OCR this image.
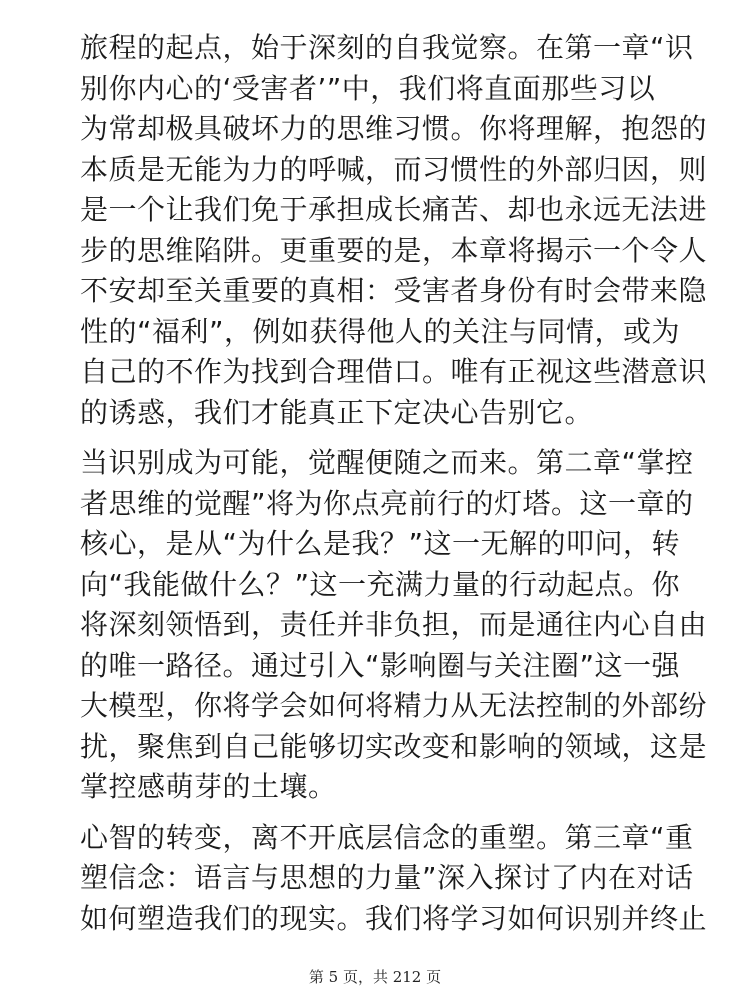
旅程的起点，始于深刻的自我觉察。在第一章“识
别你内心的‘受害者’”中，我们将直面那些习以
为常却极具破坏力的思维习惯。你将理解，抱怨的
本质是无能为力的呼喊，而习惯性的外部归因，则
是一个让我们免于承担成长痛苦、却也永远无法进
步的思维陷阱。更重要的是，本章将揭示一个令人
不安却至关重要的真相：受害者身份有时会带来隐
性的“福利”，例如获得他人的关注与同情，或为
自己的不作为找到合理借口。唯有正视这些潜意识
的诱惑，我们才能真正下定决心告别它。
当识别成为可能，觉醒便随之而来。第二章“掌控
者思维的觉醒”将为你点亮前行的灯塔。这一章的
核心，是从“为什么是我？”这一无解的叩问，转
向“我能做什么？”这一充满力量的行动起点。你
将深刻领悟到，责任并非负担，而是通往内心自由
的唯一路径。通过引入“影响圈与关注圈”这一强
大模型，你将学会如何将精力从无法控制的外部纷
扰，聚焦到自己能够切实改变和影响的领域，这是
掌控感萌芽的土壤。
心智的转变，离不开底层信念的重塑。第三章“重
塑信念：语言与思想的力量”深入探讨了内在对话
如何塑造我们的现实。我们将学习如何识别并终止
第 5 页，共 212 页
